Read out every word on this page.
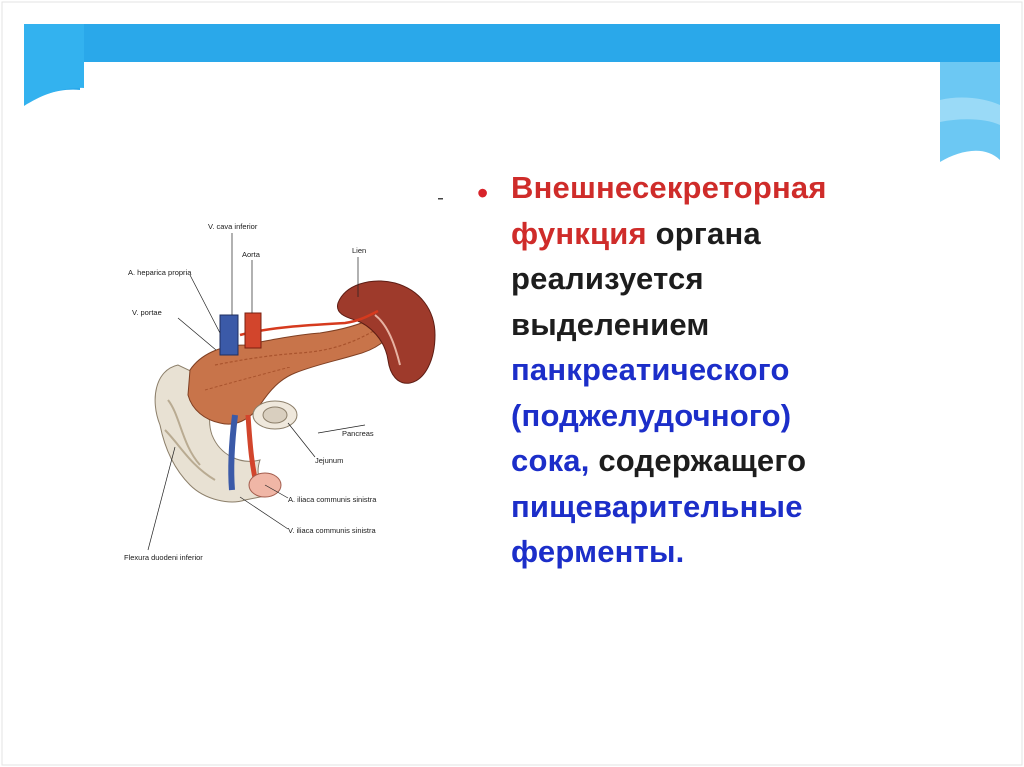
V. cava inferior
Aorta	Lien
A. heparica propria
V. portae
Pancreas
Jejunum
A. iliaca communis sinistra
V. iliaca communis sinistra
Flexura duodeni inferior
• Внешнесекреторная
функция органа
реализуется
выделением
панкреатического
(поджелудочного)
сока, содержащего
пищеварительные
ферменты.
